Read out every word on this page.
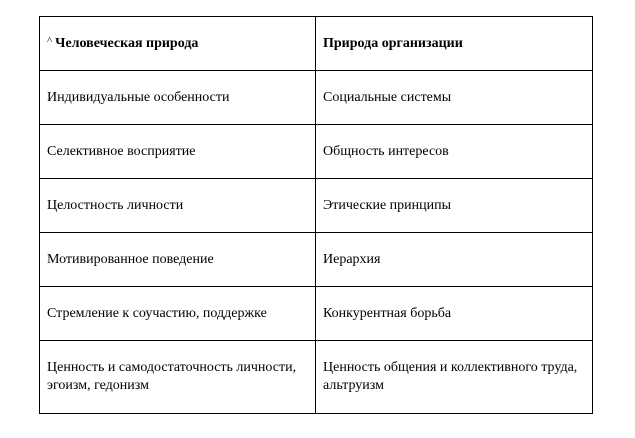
^ Человеческая природа	Природа организации
Индивидуальные особенности	Социальные системы
Селективное восприятие	Общность интересов
Целостность личности	Этические принципы
Мотивированное поведение	Иерархия
Стремление к соучастию, поддержке	Конкурентная борьба
Ценность и самодостаточность личности, эгоизм, гедонизм	Ценность общения и коллективного труда, альтруизм
